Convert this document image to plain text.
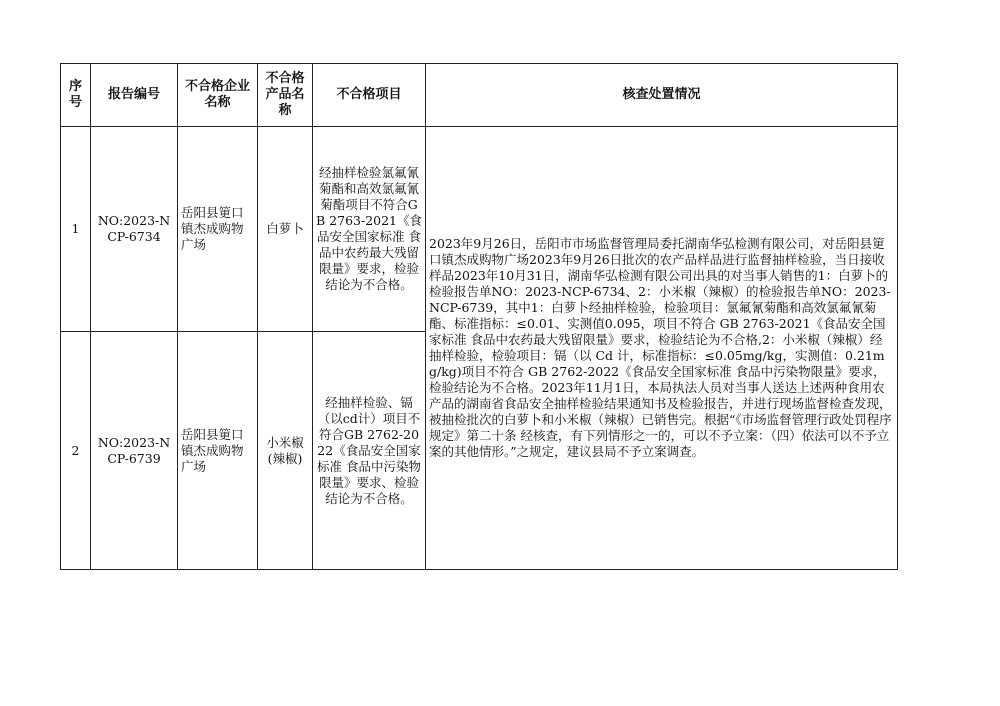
序号	报告编号	不合格企业名称	不合格产品名称	不合格项目	核查处置情况
1	NO:2023-NCP-6734	岳阳县筻口镇杰成购物广场	白萝卜	经抽样检验氯氟氰菊酯和高效氯氟氰菊酯项目不符合GB 2763-2021《食品安全国家标准 食品中农药最大残留限量》要求，检验结论为不合格。	2023年9月26日，岳阳市市场监督管理局委托湖南华弘检测有限公司，对岳阳县筻口镇杰成购物广场2023年9月26日批次的农产品样品进行监督抽样检验，当日接收样品2023年10月31日，湖南华弘检测有限公司出具的对当事人销售的1：白萝卜的检验报告单NO：2023-NCP-6734、2：小米椒（辣椒）的检验报告单NO：2023-NCP-6739，其中1：白萝卜经抽样检验，检验项目：氯氟氰菊酯和高效氯氟氰菊酯、标准指标：≤0.01、实测值0.095，项目不符合 GB 2763-2021《食品安全国家标准 食品中农药最大残留限量》要求，检验结论为不合格,2：小米椒（辣椒）经抽样检验，检验项目：镉（以 Cd 计，标准指标：≤0.05mg/kg，实测值：0.21mg/kg)项目不符合 GB 2762-2022《食品安全国家标准 食品中污染物限量》要求，检验结论为不合格。2023年11月1日，本局执法人员对当事人送达上述两种食用农产品的湖南省食品安全抽样检验结果通知书及检验报告，并进行现场监督检查发现，被抽检批次的白萝卜和小米椒（辣椒）已销售完。根据“《市场监督管理行政处罚程序规定》第二十条 经核查，有下列情形之一的，可以不予立案：（四）依法可以不予立案的其他情形。”之规定，建议县局不予立案调查。
2	NO:2023-NCP-6739	岳阳县筻口镇杰成购物广场	小米椒(辣椒)	经抽样检验、镉（以cd计）项目不符合GB 2762-2022《食品安全国家标准 食品中污染物限量》要求、检验结论为不合格。	
